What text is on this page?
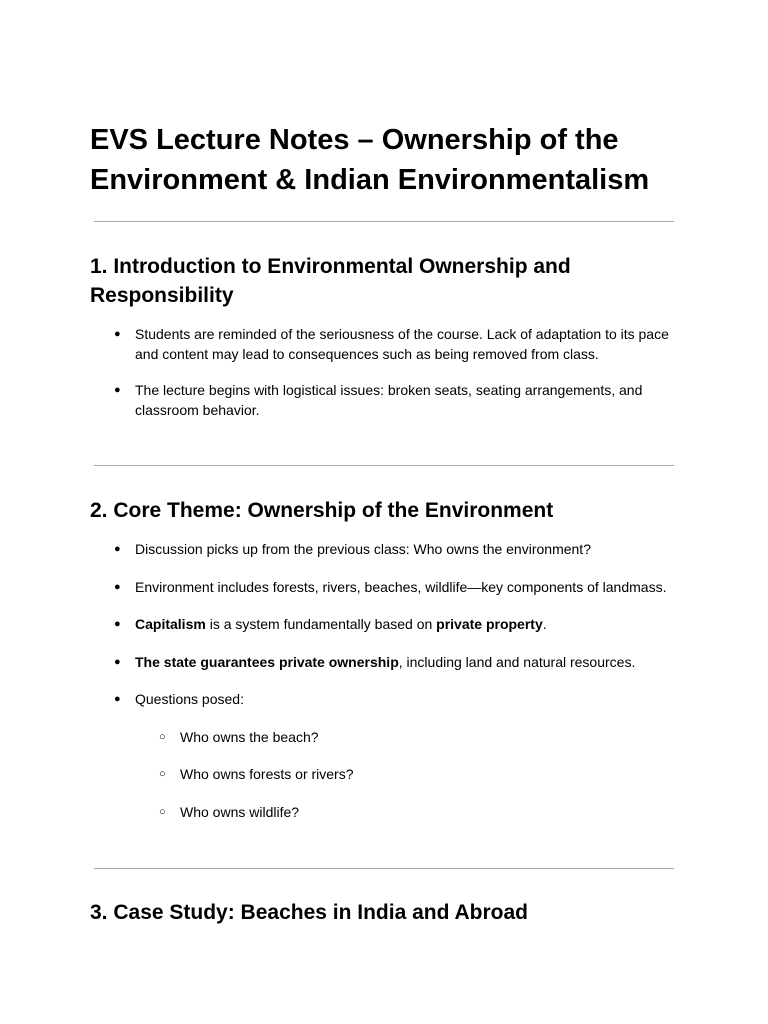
EVS Lecture Notes – Ownership of the Environment & Indian Environmentalism
1. Introduction to Environmental Ownership and Responsibility
● Students are reminded of the seriousness of the course. Lack of adaptation to its pace and content may lead to consequences such as being removed from class.
● The lecture begins with logistical issues: broken seats, seating arrangements, and classroom behavior.
2. Core Theme: Ownership of the Environment
● Discussion picks up from the previous class: Who owns the environment?
● Environment includes forests, rivers, beaches, wildlife—key components of landmass.
● Capitalism is a system fundamentally based on private property.
● The state guarantees private ownership, including land and natural resources.
● Questions posed:
○ Who owns the beach?
○ Who owns forests or rivers?
○ Who owns wildlife?
3. Case Study: Beaches in India and Abroad
